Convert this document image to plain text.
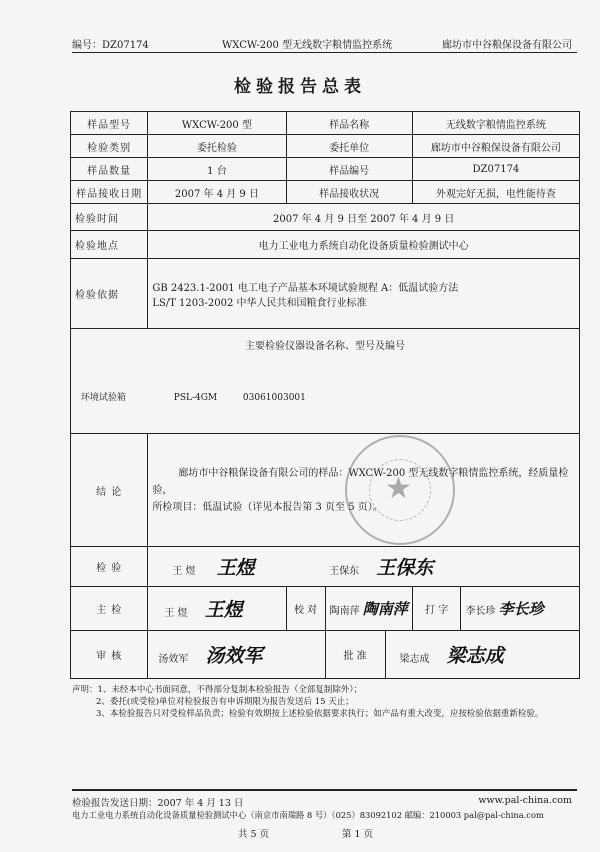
编号：DZ07174	WXCW-200 型无线数字粮情监控系统	廊坊市中谷粮保设备有限公司
检验报告总表
样品型号	WXCW-200 型	样品名称			无线数字粮情监控系统	
检验类别	委托检验	委托单位			廊坊市中谷粮保设备有限公司	
样品数量	1 台	样品编号			DZ07174	
样品接收日期	2007 年 4 月 9 日	样品接收状况			外观完好无损，电性能待查	
检验时间	2007 年 4 月 9 日至 2007 年 4 月 9 日					
检验地点	电力工业电力系统自动化设备质量检验测试中心					
检验依据	GB 2423.1-2001 电工电子产品基本环境试验规程 A：低温试验方法
LS/T 1203-2002 中华人民共和国粮食行业标准					

主要检验仪器设备名称、型号及编号
环境试验箱 PSL-4GM 03061003001						

结 论	廊坊市中谷粮保设备有限公司的样品：WXCW-200 型无线数字粮情监控系统，经质量检验，
所检项目：低温试验（详见本报告第 3 页至 5 页）。					

检 验	王 煜 王煜		王保东 王保东			
主 检	王 煜 王煜	校 对	陶南萍 陶南萍		打 字	李长珍 李长珍
审 核	汤效军 汤效军		批 准	梁志成 梁志成		
★
声明：1、未经本中心书面同意，不得部分复制本检验报告（全部复制除外）；
2、委托(或受检)单位对检验报告有申诉期限为报告发送后 15 天止；
3、本检验报告只对受检样品负责；检验有效期按上述检验依据要求执行；如产品有重大改变，应按检验依据重新检验。
检验报告发送日期：2007 年 4 月 13 日	www.pal-china.com
电力工业电力系统自动化设备质量检验测试中心（南京市南瑞路 8 号）（025）83092102 邮编：210003 pal@pal-china.com
共 5 页	第 1 页
